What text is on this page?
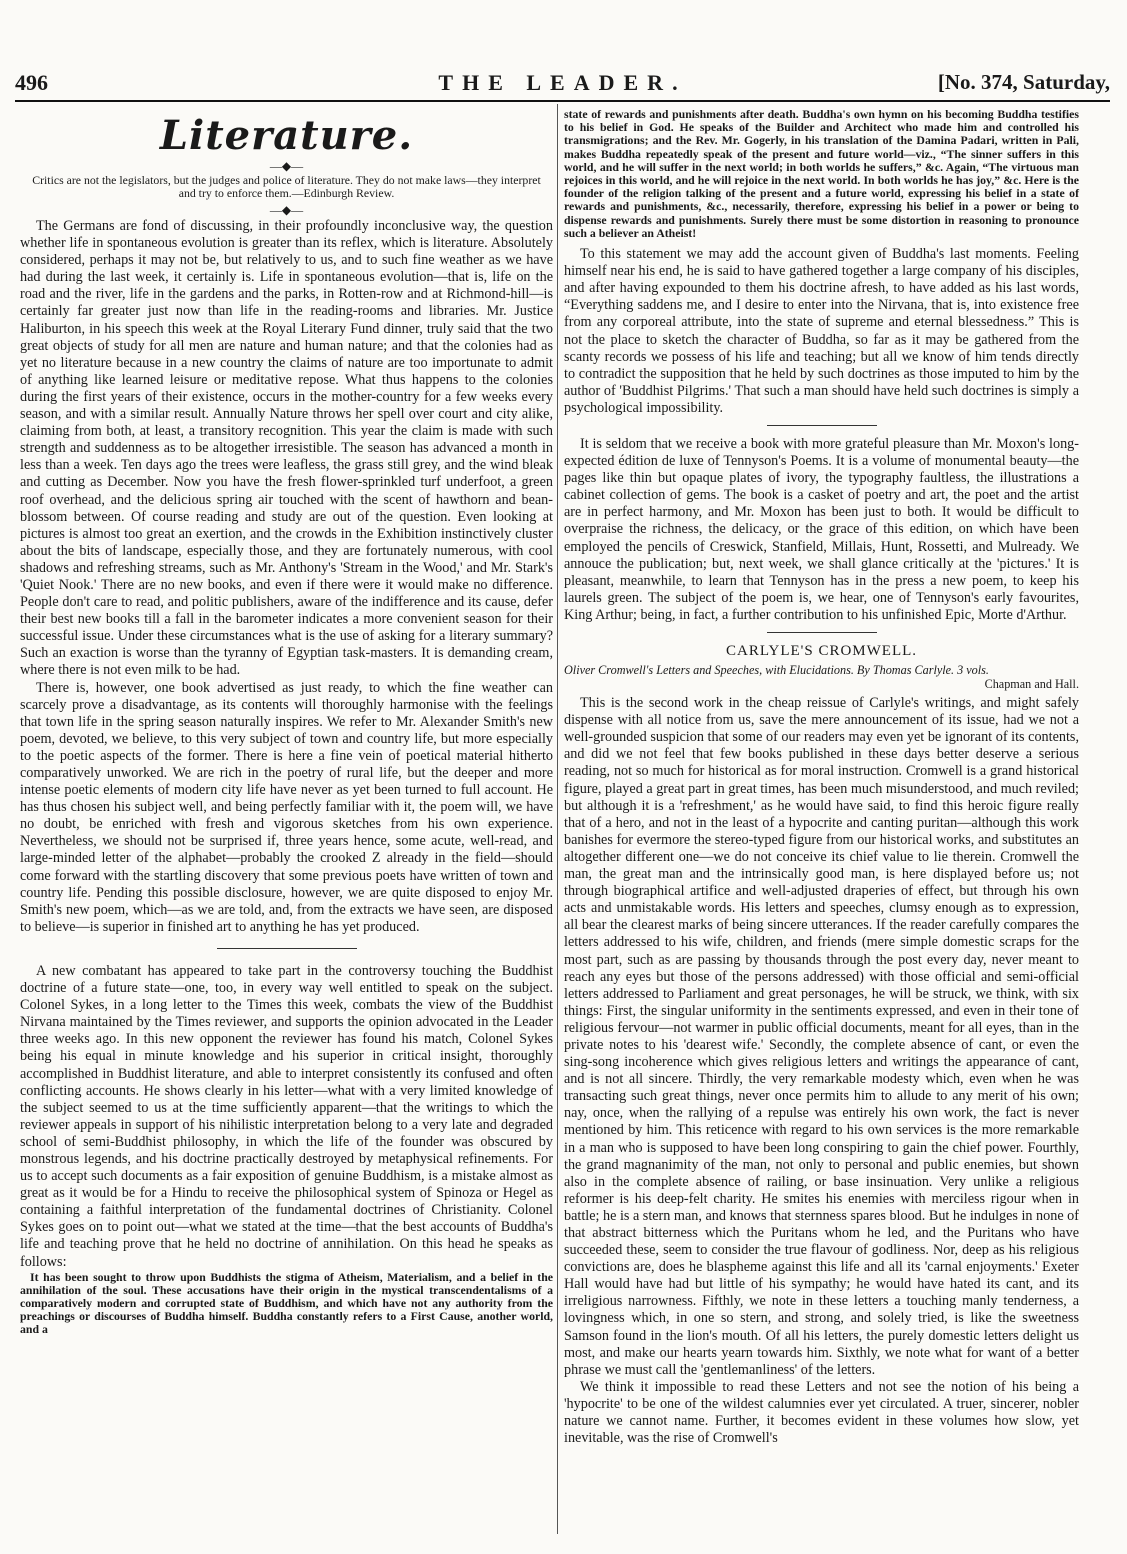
496	THE LEADER.	[No. 374, Saturday,
Literature.
—◆—
Critics are not the legislators, but the judges and police of literature. They do not make laws—they interpret and try to enforce them.—Edinburgh Review.
—◆—

The Germans are fond of discussing, in their profoundly inconclusive way, the question whether life in spontaneous evolution is greater than its reflex, which is literature. Absolutely considered, perhaps it may not be, but relatively to us, and to such fine weather as we have had during the last week, it certainly is. Life in spontaneous evolution—that is, life on the road and the river, life in the gardens and the parks, in Rotten-row and at Richmond-hill—is certainly far greater just now than life in the reading-rooms and libraries. Mr. Justice Haliburton, in his speech this week at the Royal Literary Fund dinner, truly said that the two great objects of study for all men are nature and human nature; and that the colonies had as yet no literature because in a new country the claims of nature are too importunate to admit of anything like learned leisure or meditative repose. What thus happens to the colonies during the first years of their existence, occurs in the mother-country for a few weeks every season, and with a similar result. Annually Nature throws her spell over court and city alike, claiming from both, at least, a transitory recognition. This year the claim is made with such strength and suddenness as to be altogether irresistible. The season has advanced a month in less than a week. Ten days ago the trees were leafless, the grass still grey, and the wind bleak and cutting as December. Now you have the fresh flower-sprinkled turf underfoot, a green roof overhead, and the delicious spring air touched with the scent of hawthorn and bean-blossom between. Of course reading and study are out of the question. Even looking at pictures is almost too great an exertion, and the crowds in the Exhibition instinctively cluster about the bits of landscape, especially those, and they are fortunately numerous, with cool shadows and refreshing streams, such as Mr. Anthony's 'Stream in the Wood,' and Mr. Stark's 'Quiet Nook.' There are no new books, and even if there were it would make no difference. People don't care to read, and politic publishers, aware of the indifference and its cause, defer their best new books till a fall in the barometer indicates a more convenient season for their successful issue. Under these circumstances what is the use of asking for a literary summary? Such an exaction is worse than the tyranny of Egyptian task-masters. It is demanding cream, where there is not even milk to be had.

There is, however, one book advertised as just ready, to which the fine weather can scarcely prove a disadvantage, as its contents will thoroughly harmonise with the feelings that town life in the spring season naturally inspires. We refer to Mr. Alexander Smith's new poem, devoted, we believe, to this very subject of town and country life, but more especially to the poetic aspects of the former. There is here a fine vein of poetical material hitherto comparatively unworked. We are rich in the poetry of rural life, but the deeper and more intense poetic elements of modern city life have never as yet been turned to full account. He has thus chosen his subject well, and being perfectly familiar with it, the poem will, we have no doubt, be enriched with fresh and vigorous sketches from his own experience. Nevertheless, we should not be surprised if, three years hence, some acute, well-read, and large-minded letter of the alphabet—probably the crooked Z already in the field—should come forward with the startling discovery that some previous poets have written of town and country life. Pending this possible disclosure, however, we are quite disposed to enjoy Mr. Smith's new poem, which—as we are told, and, from the extracts we have seen, are disposed to believe—is superior in finished art to anything he has yet produced.

A new combatant has appeared to take part in the controversy touching the Buddhist doctrine of a future state—one, too, in every way well entitled to speak on the subject. Colonel Sykes, in a long letter to the Times this week, combats the view of the Buddhist Nirvana maintained by the Times reviewer, and supports the opinion advocated in the Leader three weeks ago. In this new opponent the reviewer has found his match, Colonel Sykes being his equal in minute knowledge and his superior in critical insight, thoroughly accomplished in Buddhist literature, and able to interpret consistently its confused and often conflicting accounts. He shows clearly in his letter—what with a very limited knowledge of the subject seemed to us at the time sufficiently apparent—that the writings to which the reviewer appeals in support of his nihilistic interpretation belong to a very late and degraded school of semi-Buddhist philosophy, in which the life of the founder was obscured by monstrous legends, and his doctrine practically destroyed by metaphysical refinements. For us to accept such documents as a fair exposition of genuine Buddhism, is a mistake almost as great as it would be for a Hindu to receive the philosophical system of Spinoza or Hegel as containing a faithful interpretation of the fundamental doctrines of Christianity. Colonel Sykes goes on to point out—what we stated at the time—that the best accounts of Buddha's life and teaching prove that he held no doctrine of annihilation. On this head he speaks as follows:

It has been sought to throw upon Buddhists the stigma of Atheism, Materialism, and a belief in the annihilation of the soul. These accusations have their origin in the mystical transcendentalisms of a comparatively modern and corrupted state of Buddhism, and which have not any authority from the preachings or discourses of Buddha himself. Buddha constantly refers to a First Cause, another world, and a

state of rewards and punishments after death. Buddha's own hymn on his becoming Buddha testifies to his belief in God. He speaks of the Builder and Architect who made him and controlled his transmigrations; and the Rev. Mr. Gogerly, in his translation of the Damina Padari, written in Pali, makes Buddha repeatedly speak of the present and future world—viz., “The sinner suffers in this world, and he will suffer in the next world; in both worlds he suffers,” &c. Again, “The virtuous man rejoices in this world, and he will rejoice in the next world. In both worlds he has joy,” &c. Here is the founder of the religion talking of the present and a future world, expressing his belief in a state of rewards and punishments, &c., necessarily, therefore, expressing his belief in a power or being to dispense rewards and punishments. Surely there must be some distortion in reasoning to pronounce such a believer an Atheist!

To this statement we may add the account given of Buddha's last moments. Feeling himself near his end, he is said to have gathered together a large company of his disciples, and after having expounded to them his doctrine afresh, to have added as his last words, “Everything saddens me, and I desire to enter into the Nirvana, that is, into existence free from any corporeal attribute, into the state of supreme and eternal blessedness.” This is not the place to sketch the character of Buddha, so far as it may be gathered from the scanty records we possess of his life and teaching; but all we know of him tends directly to contradict the supposition that he held by such doctrines as those imputed to him by the author of 'Buddhist Pilgrims.' That such a man should have held such doctrines is simply a psychological impossibility.

It is seldom that we receive a book with more grateful pleasure than Mr. Moxon's long-expected édition de luxe of Tennyson's Poems. It is a volume of monumental beauty—the pages like thin but opaque plates of ivory, the typography faultless, the illustrations a cabinet collection of gems. The book is a casket of poetry and art, the poet and the artist are in perfect harmony, and Mr. Moxon has been just to both. It would be difficult to overpraise the richness, the delicacy, or the grace of this edition, on which have been employed the pencils of Creswick, Stanfield, Millais, Hunt, Rossetti, and Mulready. We annouce the publication; but, next week, we shall glance critically at the 'pictures.' It is pleasant, meanwhile, to learn that Tennyson has in the press a new poem, to keep his laurels green. The subject of the poem is, we hear, one of Tennyson's early favourites, King Arthur; being, in fact, a further contribution to his unfinished Epic, Morte d'Arthur.

CARLYLE'S CROMWELL.
Oliver Cromwell's Letters and Speeches, with Elucidations. By Thomas Carlyle. 3 vols.
Chapman and Hall.

This is the second work in the cheap reissue of Carlyle's writings, and might safely dispense with all notice from us, save the mere announcement of its issue, had we not a well-grounded suspicion that some of our readers may even yet be ignorant of its contents, and did we not feel that few books published in these days better deserve a serious reading, not so much for historical as for moral instruction. Cromwell is a grand historical figure, played a great part in great times, has been much misunderstood, and much reviled; but although it is a 'refreshment,' as he would have said, to find this heroic figure really that of a hero, and not in the least of a hypocrite and canting puritan—although this work banishes for evermore the stereo-typed figure from our historical works, and substitutes an altogether different one—we do not conceive its chief value to lie therein. Cromwell the man, the great man and the intrinsically good man, is here displayed before us; not through biographical artifice and well-adjusted draperies of effect, but through his own acts and unmistakable words. His letters and speeches, clumsy enough as to expression, all bear the clearest marks of being sincere utterances. If the reader carefully compares the letters addressed to his wife, children, and friends (mere simple domestic scraps for the most part, such as are passing by thousands through the post every day, never meant to reach any eyes but those of the persons addressed) with those official and semi-official letters addressed to Parliament and great personages, he will be struck, we think, with six things: First, the singular uniformity in the sentiments expressed, and even in their tone of religious fervour—not warmer in public official documents, meant for all eyes, than in the private notes to his 'dearest wife.' Secondly, the complete absence of cant, or even the sing-song incoherence which gives religious letters and writings the appearance of cant, and is not all sincere. Thirdly, the very remarkable modesty which, even when he was transacting such great things, never once permits him to allude to any merit of his own; nay, once, when the rallying of a repulse was entirely his own work, the fact is never mentioned by him. This reticence with regard to his own services is the more remarkable in a man who is supposed to have been long conspiring to gain the chief power. Fourthly, the grand magnanimity of the man, not only to personal and public enemies, but shown also in the complete absence of railing, or base insinuation. Very unlike a religious reformer is his deep-felt charity. He smites his enemies with merciless rigour when in battle; he is a stern man, and knows that sternness spares blood. But he indulges in none of that abstract bitterness which the Puritans whom he led, and the Puritans who have succeeded these, seem to consider the true flavour of godliness. Nor, deep as his religious convictions are, does he blaspheme against this life and all its 'carnal enjoyments.' Exeter Hall would have had but little of his sympathy; he would have hated its cant, and its irreligious narrowness. Fifthly, we note in these letters a touching manly tenderness, a lovingness which, in one so stern, and strong, and solely tried, is like the sweetness Samson found in the lion's mouth. Of all his letters, the purely domestic letters delight us most, and make our hearts yearn towards him. Sixthly, we note what for want of a better phrase we must call the 'gentlemanliness' of the letters.

We think it impossible to read these Letters and not see the notion of his being a 'hypocrite' to be one of the wildest calumnies ever yet circulated. A truer, sincerer, nobler nature we cannot name. Further, it becomes evident in these volumes how slow, yet inevitable, was the rise of Cromwell's
